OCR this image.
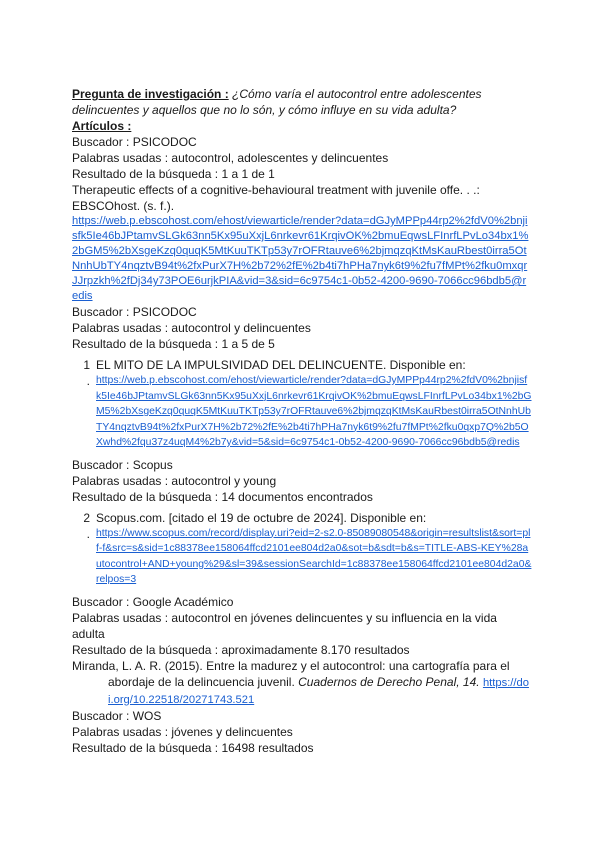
Pregunta de investigación : ¿Cómo varía el autocontrol entre adolescentes delincuentes y aquellos que no lo són, y cómo influye en su vida adulta?
Artículos :
Buscador : PSICODOC
Palabras usadas : autocontrol, adolescentes y delincuentes
Resultado de la búsqueda : 1 a 1 de 1
Therapeutic effects of a cognitive-behavioural treatment with juvenile offe. . .: EBSCOhost. (s. f.).
https://web.p.ebscohost.com/ehost/viewarticle/render?data=dGJyMPPp44rp2%2fdV0%2bnjisfk5Ie46bJPtamvSLGk63nn5Kx95uXxjL6nrkevr61KrqivOK%2bmuEqwsLFInrfLPvLo34bx1%2bGM5%2bXsgeKzq0quqK5MtKuuTKTp53y7rOFRtauve6%2bjmqzqKtMsKauRbest0irra5OtNnhUbTY4nqztvB94t%2fxPurX7H%2b72%2fE%2b4ti7hPHa7nyk6t9%2fu7fMPt%2fku0mxqrJJrpzkh%2fDj34y73POE6urjkPIA&vid=3&sid=6c9754c1-0b52-4200-9690-7066cc96bdb5@redis
Buscador : PSICODOC
Palabras usadas : autocontrol y delincuentes
Resultado de la búsqueda : 1 a 5 de 5
1
.
EL MITO DE LA IMPULSIVIDAD DEL DELINCUENTE. Disponible en:
https://web.p.ebscohost.com/ehost/viewarticle/render?data=dGJyMPPp44rp2%2fdV0%2bnjisfk5Ie46bJPtamvSLGk63nn5Kx95uXxjL6nrkevr61KrqivOK%2bmuEqwsLFInrfLPvLo34bx1%2bGM5%2bXsgeKzq0quqK5MtKuuTKTp53y7rOFRtauve6%2bjmqzqKtMsKauRbest0irra5OtNnhUbTY4nqztvB94t%2fxPurX7H%2b72%2fE%2b4ti7hPHa7nyk6t9%2fu7fMPt%2fku0qxp7Q%2b5OXwhd%2fqu37z4uqM4%2b7y&vid=5&sid=6c9754c1-0b52-4200-9690-7066cc96bdb5@redis
Buscador : Scopus
Palabras usadas : autocontrol y young
Resultado de la búsqueda : 14 documentos encontrados
2
.
Scopus.com. [citado el 19 de octubre de 2024]. Disponible en:
https://www.scopus.com/record/display.uri?eid=2-s2.0-85089080548&origin=resultslist&sort=plf-f&src=s&sid=1c88378ee158064ffcd2101ee804d2a0&sot=b&sdt=b&s=TITLE-ABS-KEY%28autocontrol+AND+young%29&sl=39&sessionSearchId=1c88378ee158064ffcd2101ee804d2a0&relpos=3
Buscador : Google Académico
Palabras usadas : autocontrol en jóvenes delincuentes y su influencia en la vida adulta
Resultado de la búsqueda : aproximadamente 8.170 resultados
Miranda, L. A. R. (2015). Entre la madurez y el autocontrol: una cartografía para el abordaje de la delincuencia juvenil. Cuadernos de Derecho Penal, 14. https://doi.org/10.22518/20271743.521
Buscador : WOS
Palabras usadas : jóvenes y delincuentes
Resultado de la búsqueda : 16498 resultados
